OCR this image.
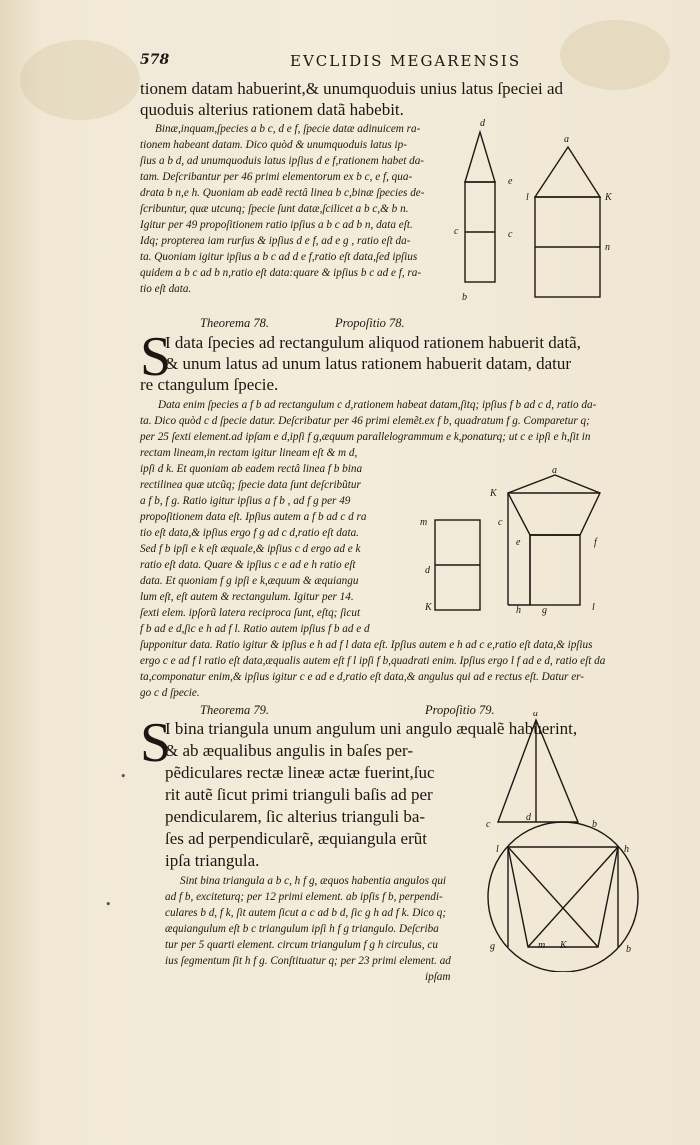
578	EVCLIDIS MEGARENSIS
tionem datam habuerint,& unumquoduis unius latus ſpeciei ad
quoduis alterius rationem datã habebit.
Binæ,inquam,ſpecies a b c, d e f, ſpecie datæ adinuicem ra-
tionem habeant datam. Dico quòd & unumquoduis latus ip-
ſius a b d, ad unumquoduis latus ipſius d e f,rationem habet da-
tam. Deſcribantur per 46 primi elementorum ex b c, e f, qua-
drata b n,e h. Quoniam ab eadẽ rectâ linea b c,binæ ſpecies de-
ſcribuntur, quæ utcunq; ſpecie ſunt datæ,ſcilicet a b c,& b n.
Igitur per 49 propoſitionem ratio ipſius a b c ad b n, data eſt.
Idq; propterea iam rurſus & ipſius d e f, ad e g , ratio eſt da-
ta. Quoniam igitur ipſius a b c ad d e f,ratio eſt data,ſed ipſius
quidem a b c ad b n,ratio eſt data:quare & ipſius b c ad e f, ra-
tio eſt data.
d
e
c	c
b
a
l	K
n
Theorema 78.	Propoſitio 78.
S
I data ſpecies ad rectangulum aliquod rationem habuerit datã,
& unum latus ad unum latus rationem habuerit datam, datur
re ctangulum ſpecie.
Data enim ſpecies a f b ad rectangulum c d,rationem habeat datam,ſitq; ipſius f b ad c d, ratio da-
ta. Dico quòd c d ſpecie datur. Deſcribatur per 46 primi elemẽt.ex f b, quadratum f g. Comparetur q;
per 25 ſexti element.ad ipſam e d,ipſi f g,æquum parallelogrammum e k,ponaturq; ut c e ipſi e h,ſit in
rectam lineam,in rectam igitur lineam eſt & m d,
ipſi d k. Et quoniam ab eadem rectâ linea f b bina
rectilinea quæ utcũq; ſpecie data ſunt deſcribũtur
a f b, f g. Ratio igitur ipſius a f b , ad f g per 49
propoſitionem data eſt. Ipſius autem a f b ad c d ra
tio eſt data,& ipſius ergo f g ad c d,ratio eſt data.
Sed f b ipſi e k eſt æquale,& ipſius c d ergo ad e k
ratio eſt data. Quare & ipſius c e ad e h ratio eſt
data. Et quoniam f g ipſi e k,æquum & æquiangu
lum eſt, eſt autem & rectangulum. Igitur per 14.
ſexti elem. ipſorũ latera reciproca ſunt, eſtq; ſicut
f b ad e d,ſic e h ad f l. Ratio autem ipſius f b ad e d
ſupponitur data. Ratio igitur & ipſius e h ad f l data eſt. Ipſius autem e h ad c e,ratio eſt data,& ipſius
ergo c e ad f l ratio eſt data,æqualis autem eſt f l ipſi f b,quadrati enim. Ipſius ergo l f ad e d, ratio eſt da
ta,componatur enim,& ipſius igitur c e ad e d,ratio eſt data,& angulus qui ad e rectus eſt. Datur er-
go c d ſpecie.
a
K
c
e
m
d
f
h g	l
K
Theorema 79.	Propoſitio 79.
S
I bina triangula unum angulum uni angulo æqualẽ habuerint,
& ab æqualibus angulis in baſes per-
pẽdiculares rectæ lineæ actæ fuerint,ſuc
rit autẽ ſicut primi trianguli baſis ad per
pendicularem, ſic alterius trianguli ba-
ſes ad perpendicularẽ, æquiangula erũt
ipſa triangula.
Sint bina triangula a b c, h f g, æquos habentia angulos qui
ad f b, exciteturq; per 12 primi element. ab ipſis f b, perpendi-
culares b d, f k, ſit autem ſicut a c ad b d, ſic g h ad f k. Dico q;
æquiangulum eſt b c triangulum ipſi h f g triangulo. Deſcriba
tur per 5 quarti element. circum triangulum f g h circulus, cu
ius ſegmentum ſit h f g. Conſtituatur q; per 23 primi element. ad
ipſam
a
c
d
b
l	h
g	m K	b
•
•
